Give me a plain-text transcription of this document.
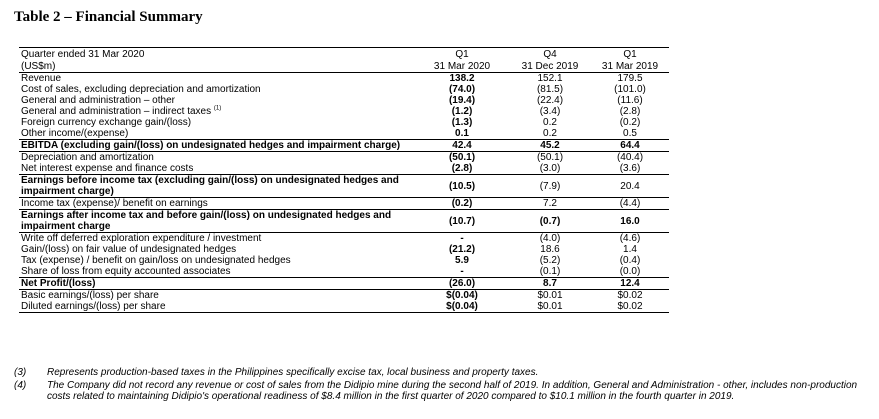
Table 2 – Financial Summary
Quarter ended 31 Mar 2020	Q1	Q4	Q1
(US$m)	31 Mar 2020	31 Dec 2019	31 Mar 2019
Revenue	138.2	152.1	179.5
Cost of sales, excluding depreciation and amortization	(74.0)	(81.5)	(101.0)
General and administration – other	(19.4)	(22.4)	(11.6)
General and administration – indirect taxes $^{(1)}$	(1.2)	(3.4)	(2.8)
Foreign currency exchange gain/(loss)	(1.3)	0.2	(0.2)
Other income/(expense)	0.1	0.2	0.5
EBITDA (excluding gain/(loss) on undesignated hedges and impairment charge)	42.4	45.2	64.4
Depreciation and amortization	(50.1)	(50.1)	(40.4)
Net interest expense and finance costs	(2.8)	(3.0)	(3.6)
Earnings before income tax (excluding gain/(loss) on undesignated hedges and impairment charge)	(10.5)	(7.9)	20.4
Income tax (expense)/ benefit on earnings	(0.2)	7.2	(4.4)
Earnings after income tax and before gain/(loss) on undesignated hedges and impairment charge	(10.7)	(0.7)	16.0
Write off deferred exploration expenditure / investment	-	(4.0)	(4.6)
Gain/(loss) on fair value of undesignated hedges	(21.2)	18.6	1.4
Tax (expense) / benefit on gain/loss on undesignated hedges	5.9	(5.2)	(0.4)
Share of loss from equity accounted associates	-	(0.1)	(0.0)
Net Profit/(loss)	(26.0)	8.7	12.4
Basic earnings/(loss) per share	$(0.04)	$0.01	$0.02
Diluted earnings/(loss) per share	$(0.04)	$0.01	$0.02
(3) Represents production-based taxes in the Philippines specifically excise tax, local business and property taxes.
(4) The Company did not record any revenue or cost of sales from the Didipio mine during the second half of 2019. In addition, General and Administration - other, includes non-production costs related to maintaining Didipio's operational readiness of $8.4 million in the first quarter of 2020 compared to $10.1 million in the fourth quarter in 2019.
